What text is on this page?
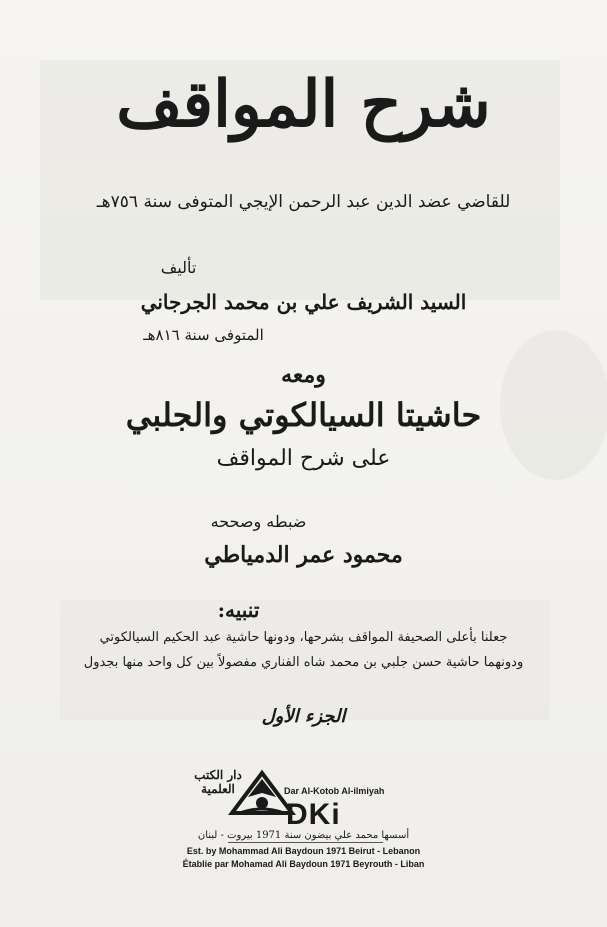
شرح المواقف
للقاضي عضد الدين عبد الرحمن الإيجي المتوفى سنة ٧٥٦هـ
تأليف
السيد الشريف علي بن محمد الجرجاني
المتوفى سنة ٨١٦هـ
ومعه
حاشيتا السيالكوتي والجلبي
على شرح المواقف
ضبطه وصححه
محمود عمر الدمياطي
تنبيه:
جعلنا بأعلى الصحيفة المواقف بشرحها، ودونها حاشية عبد الحكيم السيالكوتي
ودونهما حاشية حسن جلبي بن محمد شاه الفناري مفصولاً بين كل واحد منها بجدول
الجزء الأول
دار الكتب العلمية	Dar Al-Kotob Al-ilmiyah
DKi
أسسها محمد علي بيضون سنة 1971 بيروت - لبنان
Est. by Mohammad Ali Baydoun 1971 Beirut - Lebanon
Établie par Mohamad Ali Baydoun 1971 Beyrouth - Liban
